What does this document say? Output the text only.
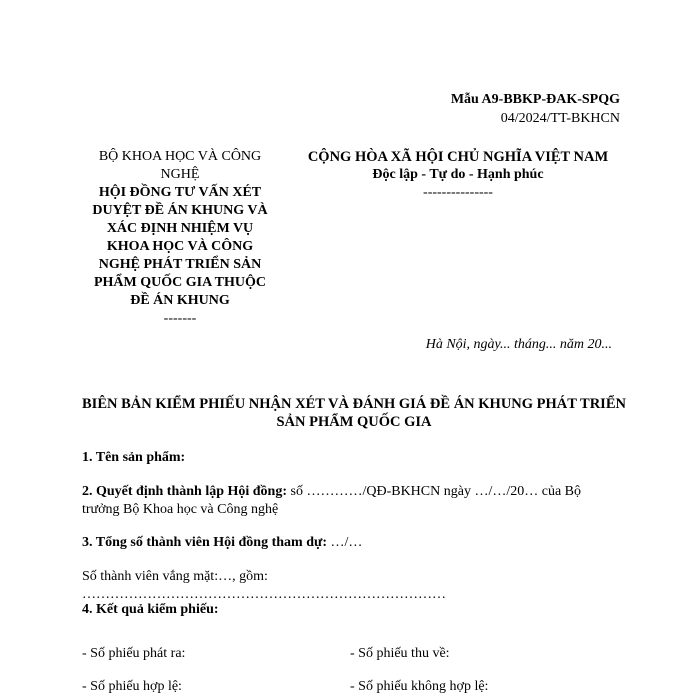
Mẫu A9-BBKP-ĐAK-SPQG
04/2024/TT-BKHCN
BỘ KHOA HỌC VÀ CÔNG NGHỆ
HỘI ĐỒNG TƯ VẤN XÉT DUYỆT ĐỀ ÁN KHUNG VÀ XÁC ĐỊNH NHIỆM VỤ KHOA HỌC VÀ CÔNG NGHỆ PHÁT TRIỂN SẢN PHẨM QUỐC GIA THUỘC ĐỀ ÁN KHUNG
-------
CỘNG HÒA XÃ HỘI CHỦ NGHĨA VIỆT NAM
Độc lập - Tự do - Hạnh phúc
---------------
Hà Nội, ngày... tháng... năm 20...
BIÊN BẢN KIỂM PHIẾU NHẬN XÉT VÀ ĐÁNH GIÁ ĐỀ ÁN KHUNG PHÁT TRIỂN SẢN PHẨM QUỐC GIA
1. Tên sản phẩm:
2. Quyết định thành lập Hội đồng: số …………/QĐ-BKHCN ngày …/…/20… của Bộ trưởng Bộ Khoa học và Công nghệ
3. Tổng số thành viên Hội đồng tham dự: …/…
Số thành viên vắng mặt:…, gồm: ……………………………………………………………………
4. Kết quả kiểm phiếu:
- Số phiếu phát ra:	- Số phiếu thu về:
- Số phiếu hợp lệ:	- Số phiếu không hợp lệ:
